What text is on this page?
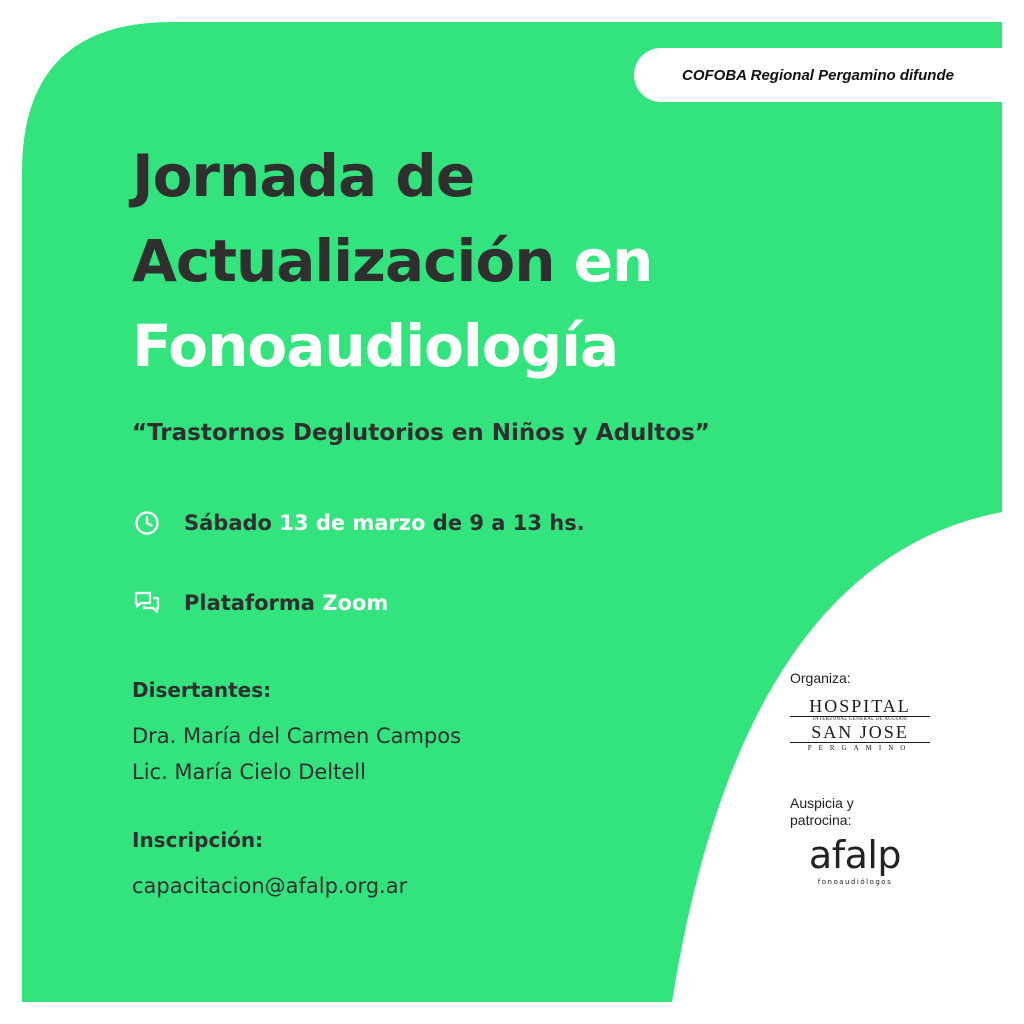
COFOBA Regional Pergamino difunde
Jornada de
Actualización en
Fonoaudiología
“Trastornos Deglutorios en Niños y Adultos”
Sábado
13 de marzo
de 9 a 13 hs.
Plataforma
Zoom
Disertantes:
Dra. María del Carmen Campos
Lic. María Cielo Deltell
Inscripción:
capacitacion@afalp.org.ar
Organiza:
HOSPITAL
INTERZONAL GENERAL DE AGUDOS
SAN JOSE
PERGAMINO
Auspicia y
patrocina:
afalp
fonoaudiólogos
